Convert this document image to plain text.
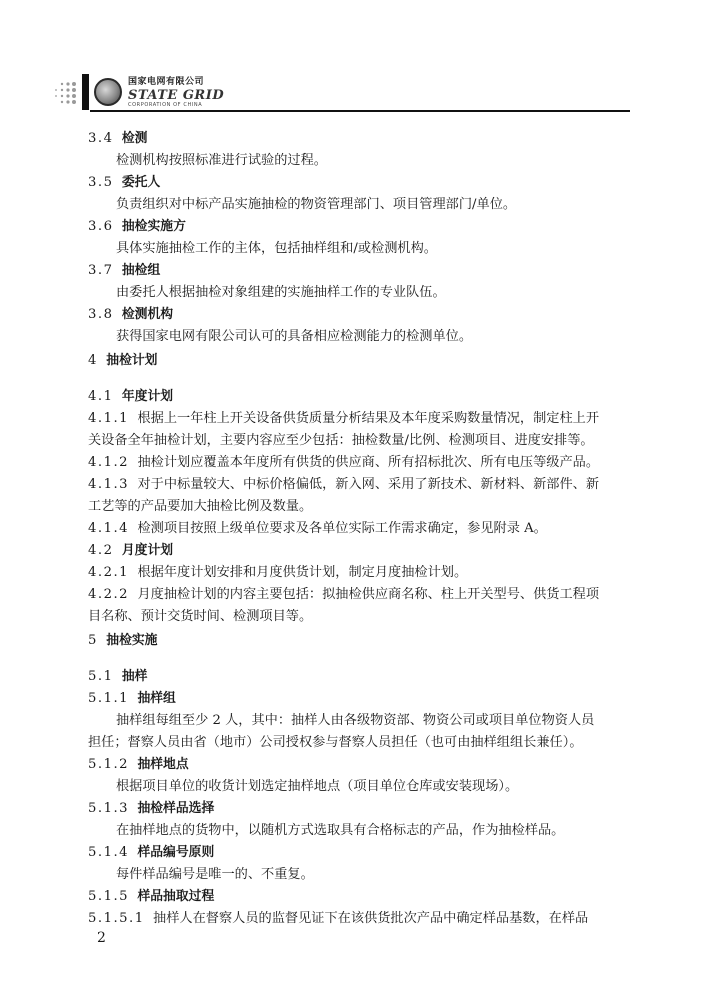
国家电网有限公司
STATE GRID
CORPORATION OF CHINA
3.4 检测
检测机构按照标准进行试验的过程。
3.5 委托人
负责组织对中标产品实施抽检的物资管理部门、项目管理部门/单位。
3.6 抽检实施方
具体实施抽检工作的主体，包括抽样组和/或检测机构。
3.7 抽检组
由委托人根据抽检对象组建的实施抽样工作的专业队伍。
3.8 检测机构
获得国家电网有限公司认可的具备相应检测能力的检测单位。
4 抽检计划
4.1 年度计划
4.1.1 根据上一年柱上开关设备供货质量分析结果及本年度采购数量情况，制定柱上开
关设备全年抽检计划，主要内容应至少包括：抽检数量/比例、检测项目、进度安排等。
4.1.2 抽检计划应覆盖本年度所有供货的供应商、所有招标批次、所有电压等级产品。
4.1.3 对于中标量较大、中标价格偏低，新入网、采用了新技术、新材料、新部件、新
工艺等的产品要加大抽检比例及数量。
4.1.4 检测项目按照上级单位要求及各单位实际工作需求确定，参见附录 A。
4.2 月度计划
4.2.1 根据年度计划安排和月度供货计划，制定月度抽检计划。
4.2.2 月度抽检计划的内容主要包括：拟抽检供应商名称、柱上开关型号、供货工程项
目名称、预计交货时间、检测项目等。
5 抽检实施
5.1 抽样
5.1.1 抽样组
抽样组每组至少 2 人，其中：抽样人由各级物资部、物资公司或项目单位物资人员
担任；督察人员由省（地市）公司授权参与督察人员担任（也可由抽样组组长兼任）。
5.1.2 抽样地点
根据项目单位的收货计划选定抽样地点（项目单位仓库或安装现场）。
5.1.3 抽检样品选择
在抽样地点的货物中，以随机方式选取具有合格标志的产品，作为抽检样品。
5.1.4 样品编号原则
每件样品编号是唯一的、不重复。
5.1.5 样品抽取过程
5.1.5.1 抽样人在督察人员的监督见证下在该供货批次产品中确定样品基数，在样品
2
